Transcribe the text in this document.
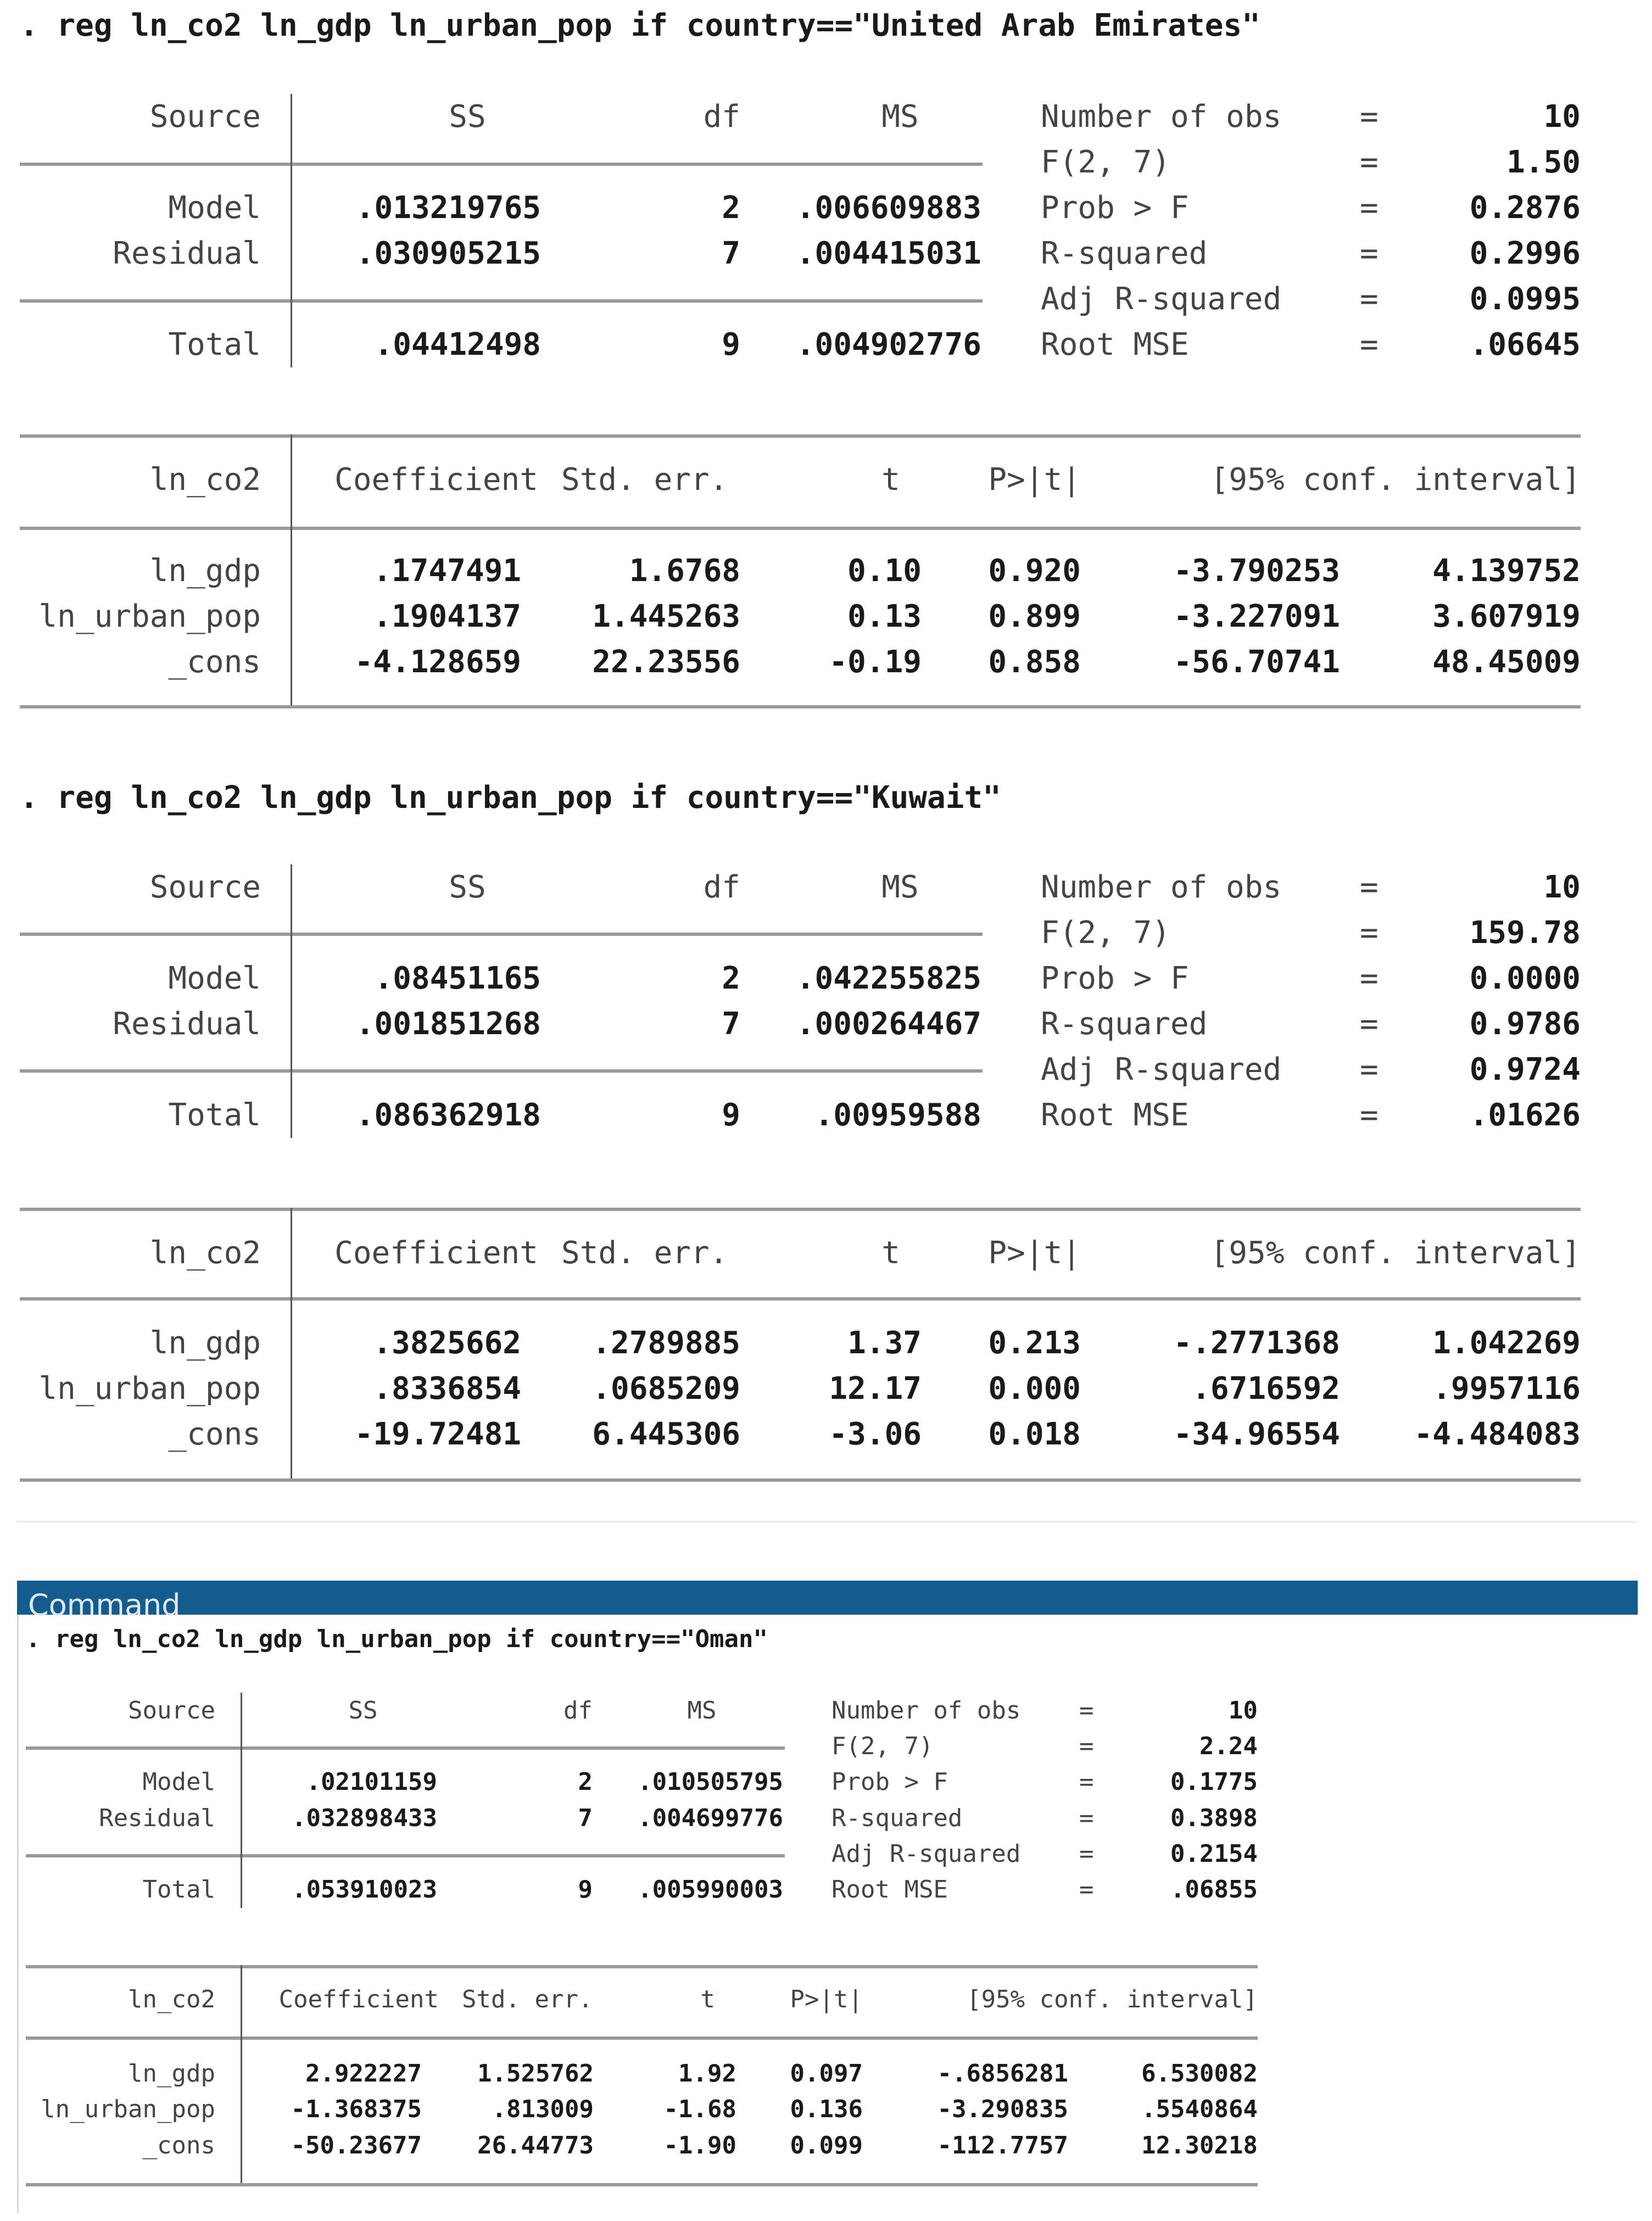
. reg ln_co2 ln_gdp ln_urban_pop if country=="United Arab Emirates"
Source	SS	df	MS
Model	.013219765	2	.006609883
Residual	.030905215	7	.004415031
Total	.04412498	9	.004902776
Number of obs	=	10
F(2, 7)	=	1.50
Prob > F	=	0.2876
R-squared	=	0.2996
Adj R-squared	=	0.0995
Root MSE	=	.06645
ln_co2	Coefficient Std. err.	t	P>|t|	[95% conf. interval]
ln_gdp	.1747491	1.6768	0.10	0.920	-3.790253	4.139752
ln_urban_pop	.1904137	1.445263	0.13	0.899	-3.227091	3.607919
_cons	-4.128659	22.23556	-0.19	0.858	-56.70741	48.45009
. reg ln_co2 ln_gdp ln_urban_pop if country=="Kuwait"
Source	SS	df	MS
Model	.08451165	2	.042255825
Residual	.001851268	7	.000264467
Total	.086362918	9	.00959588
Number of obs	=	10
F(2, 7)	=	159.78
Prob > F	=	0.0000
R-squared	=	0.9786
Adj R-squared	=	0.9724
Root MSE	=	.01626
ln_co2	Coefficient Std. err.	t	P>|t|	[95% conf. interval]
ln_gdp	.3825662	.2789885	1.37	0.213	-.2771368	1.042269
ln_urban_pop	.8336854	.0685209	12.17	0.000	.6716592	.9957116
_cons	-19.72481	6.445306	-3.06	0.018	-34.96554	-4.484083
. reg ln_co2 ln_gdp ln_urban_pop if country=="Oman"
Source	SS	df	MS
Model	.02101159	2	.010505795
Residual	.032898433	7	.004699776
Total	.053910023	9	.005990003
Number of obs =	10
F(2, 7)	=	2.24
Prob > F	=	0.1775
R-squared	=	0.3898
Adj R-squared =	0.2154
Root MSE	=	.06855
ln_co2	Coefficient Std. err.	t	P>|t|	[95% conf. interval]
ln_gdp	2.922227	1.525762	1.92	0.097	-.6856281	6.530082
ln_urban_pop	-1.368375	.813009	-1.68	0.136	-3.290835	.5540864
_cons	-50.23677	26.44773	-1.90	0.099	-112.7757	12.30218
Command
